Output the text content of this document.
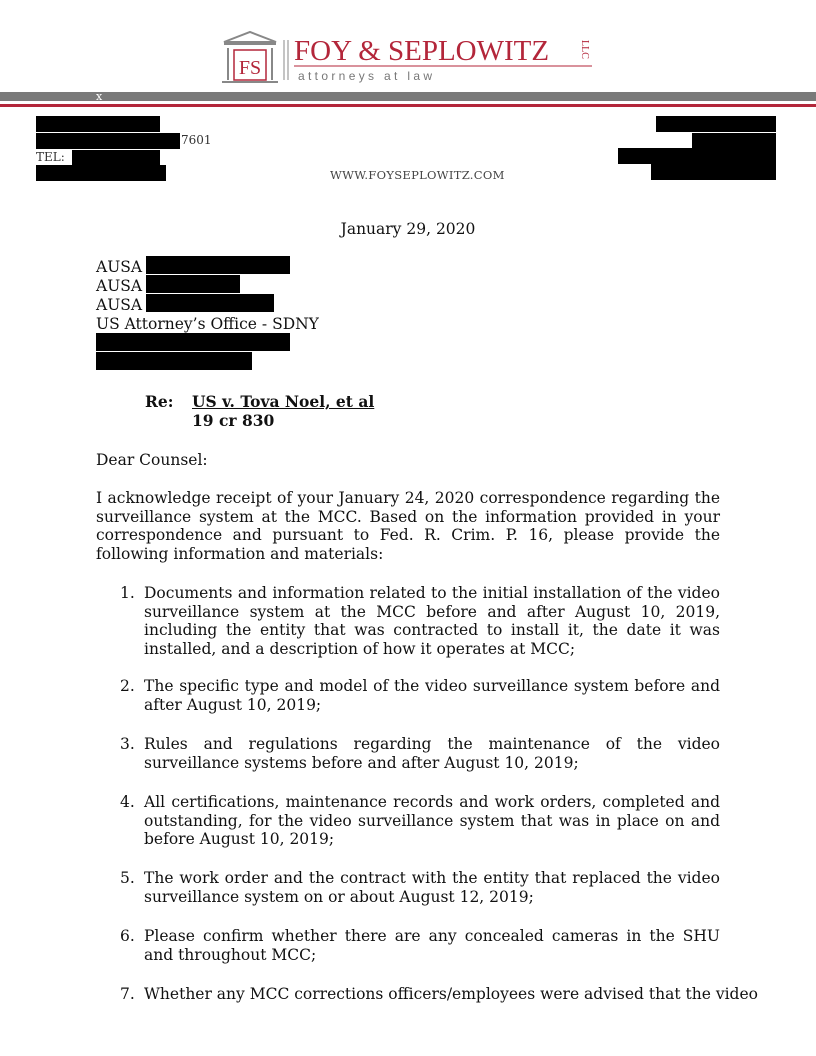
FS
FOY & SEPLOWITZ	LLC
a t t o r n e y s   a t   l a w
x
7601
TEL:
WWW.FOYSEPLOWITZ.COM
January 29, 2020
AUSA
AUSA
AUSA
US Attorney’s Office - SDNY
Re: US v. Tova Noel, et al
19 cr 830
Dear Counsel:
I acknowledge receipt of your January 24, 2020 correspondence regarding the surveillance system at the MCC. Based on the information provided in your correspondence and pursuant to Fed. R. Crim. P. 16, please provide the following information and materials:
1. Documents and information related to the initial installation of the video surveillance system at the MCC before and after August 10, 2019, including the entity that was contracted to install it, the date it was installed, and a description of how it operates at MCC;
2. The specific type and model of the video surveillance system before and after August 10, 2019;
3. Rules and regulations regarding the maintenance of the video surveillance systems before and after August 10, 2019;
4. All certifications, maintenance records and work orders, completed and outstanding, for the video surveillance system that was in place on and before August 10, 2019;
5. The work order and the contract with the entity that replaced the video surveillance system on or about August 12, 2019;
6. Please confirm whether there are any concealed cameras in the SHU and throughout MCC;
7. Whether any MCC corrections officers/employees were advised that the video
